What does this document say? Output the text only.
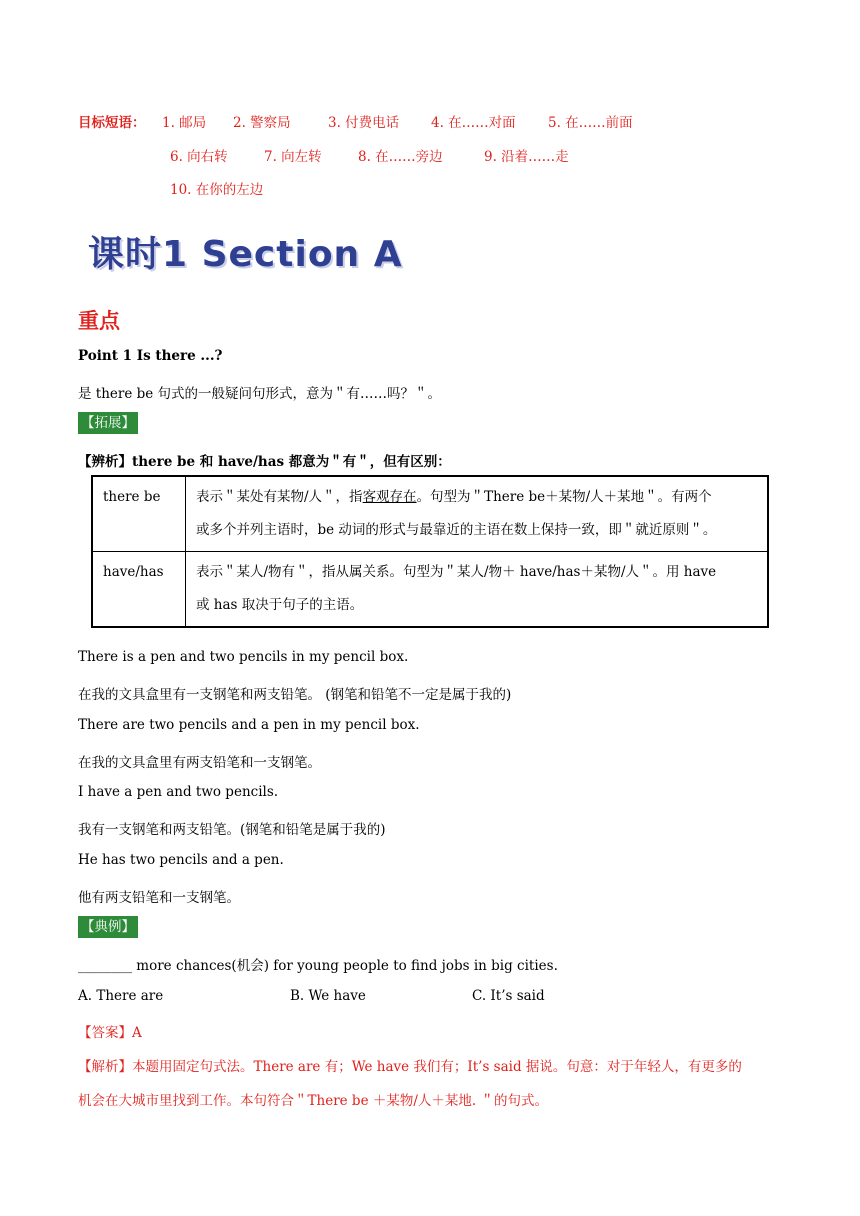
目标短语： 1. 邮局 2. 警察局	3. 付费电话 4. 在……对面 5. 在……前面
6. 向右转	7. 向左转	8. 在……旁边	9. 沿着……走
10. 在你的左边
课时1 Section A
重点
Point 1 Is there ...?
是 there be 句式的一般疑问句形式，意为＂有……吗？＂。
【拓展】
【辨析】there be 和 have/has 都意为＂有＂，但有区别：
there be	表示＂某处有某物/人＂，指客观存在。句型为＂There be＋某物/人＋某地＂。有两个
或多个并列主语时，be 动词的形式与最靠近的主语在数上保持一致，即＂就近原则＂。

have/has	表示＂某人/物有＂，指从属关系。句型为＂某人/物＋ have/has＋某物/人＂。用 have
或 has 取决于句子的主语。
There is a pen and two pencils in my pencil box.
在我的文具盒里有一支钢笔和两支铅笔。 (钢笔和铅笔不一定是属于我的)
There are two pencils and a pen in my pencil box.
在我的文具盒里有两支铅笔和一支钢笔。
I have a pen and two pencils.
我有一支钢笔和两支铅笔。(钢笔和铅笔是属于我的)
He has two pencils and a pen.
他有两支铅笔和一支钢笔。
【典例】
________ more chances(机会) for young people to find jobs in big cities.
A. There are	B. We have	C. It’s said
【答案】A
【解析】本题用固定句式法。There are 有；We have 我们有；It’s said 据说。句意：对于年轻人，有更多的
机会在大城市里找到工作。本句符合＂There be ＋某物/人＋某地. ＂的句式。
